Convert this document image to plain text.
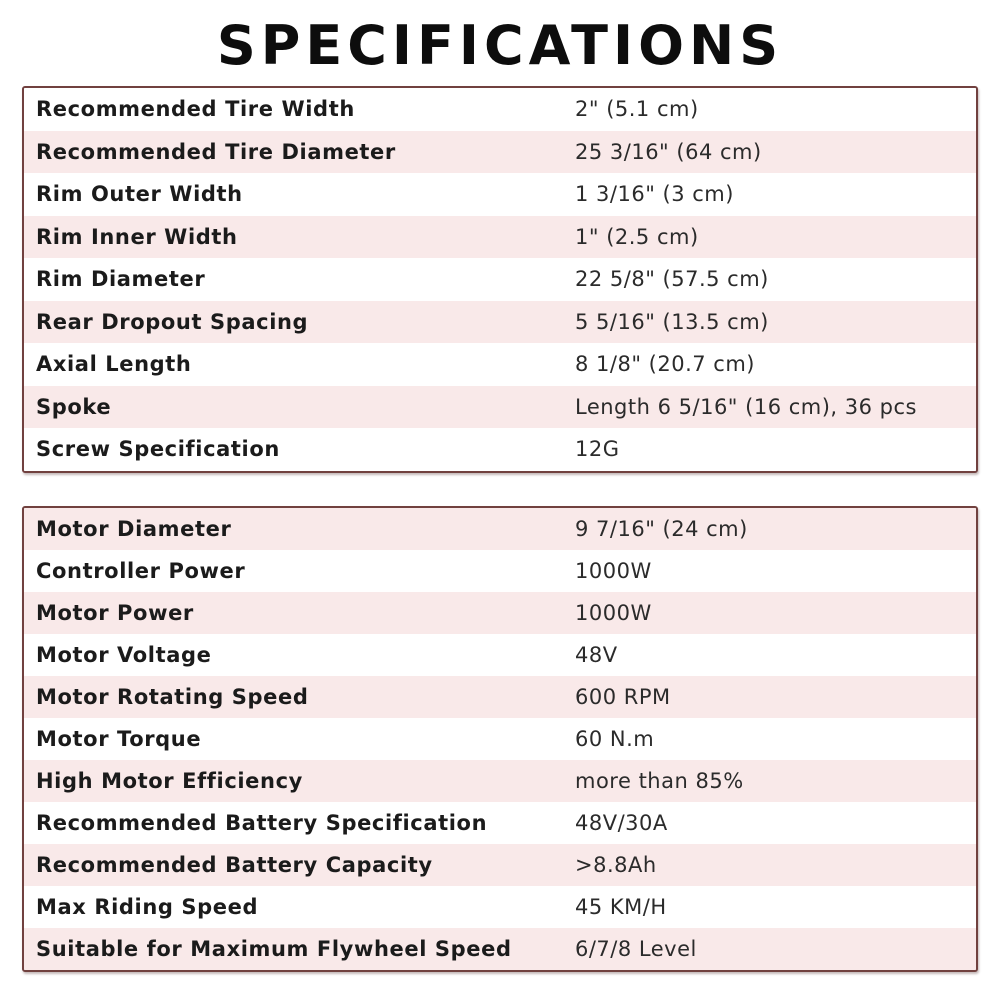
SPECIFICATIONS
Recommended Tire Width	2" (5.1 cm)
Recommended Tire Diameter	25 3/16" (64 cm)
Rim Outer Width	1 3/16" (3 cm)
Rim Inner Width	1" (2.5 cm)
Rim Diameter	22 5/8" (57.5 cm)
Rear Dropout Spacing	5 5/16" (13.5 cm)
Axial Length	8 1/8" (20.7 cm)
Spoke	Length 6 5/16" (16 cm), 36 pcs
Screw Specification	12G
Motor Diameter	9 7/16" (24 cm)
Controller Power	1000W
Motor Power	1000W
Motor Voltage	48V
Motor Rotating Speed	600 RPM
Motor Torque	60 N.m
High Motor Efficiency	more than 85%
Recommended Battery Specification	48V/30A
Recommended Battery Capacity	>8.8Ah
Max Riding Speed	45 KM/H
Suitable for Maximum Flywheel Speed	6/7/8 Level
